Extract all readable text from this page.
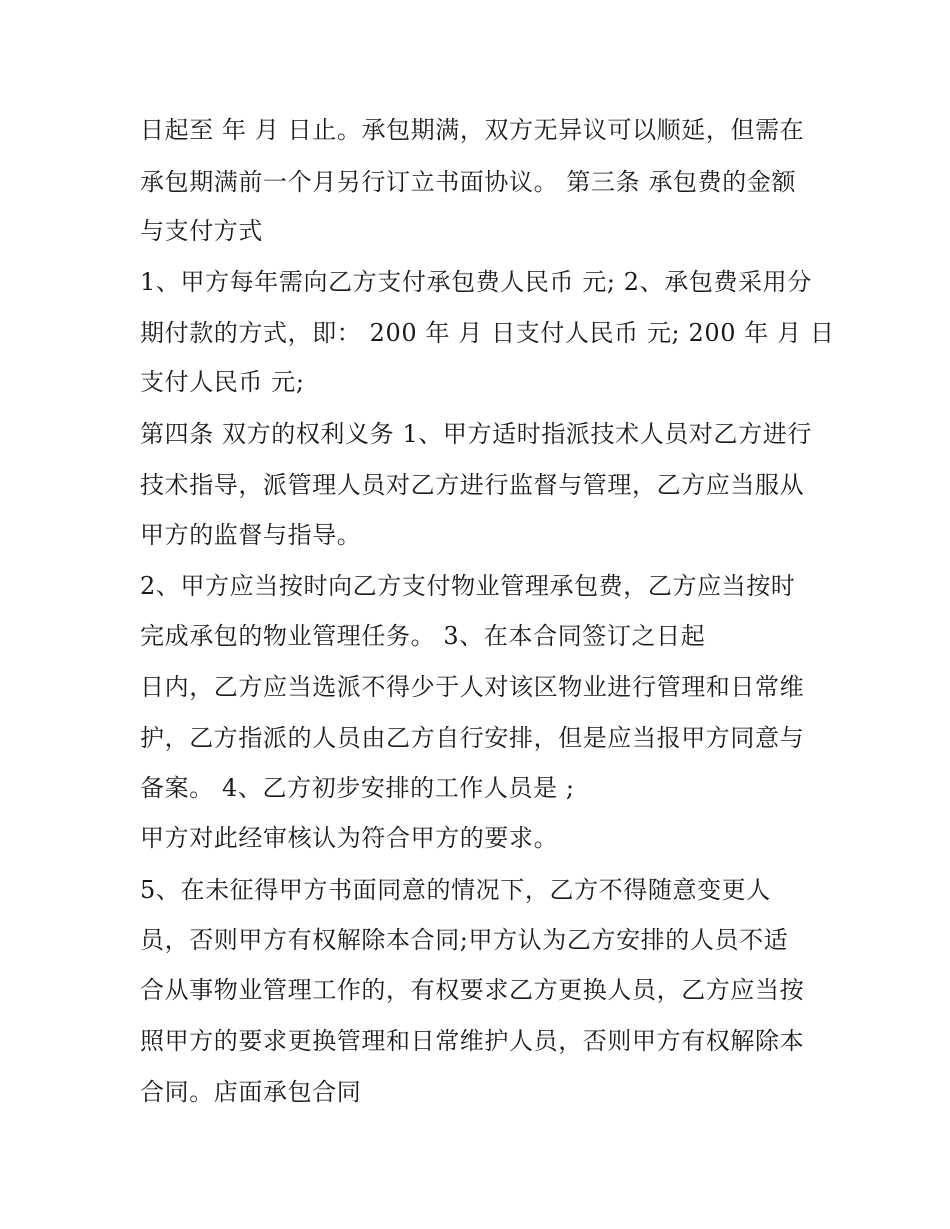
日起至 年 月 日止。承包期满，双方无异议可以顺延，但需在
承包期满前一个月另行订立书面协议。 第三条 承包费的金额
与支付方式
1、甲方每年需向乙方支付承包费人民币 元; 2、承包费采用分
期付款的方式，即： 200 年 月 日支付人民币 元; 200 年 月 日
支付人民币 元;
第四条 双方的权利义务 1、甲方适时指派技术人员对乙方进行
技术指导，派管理人员对乙方进行监督与管理，乙方应当服从
甲方的监督与指导。
2、甲方应当按时向乙方支付物业管理承包费，乙方应当按时
完成承包的物业管理任务。 3、在本合同签订之日起
日内，乙方应当选派不得少于人对该区物业进行管理和日常维
护，乙方指派的人员由乙方自行安排，但是应当报甲方同意与
备案。 4、乙方初步安排的工作人员是 ;
甲方对此经审核认为符合甲方的要求。
5、在未征得甲方书面同意的情况下，乙方不得随意变更人
员，否则甲方有权解除本合同;甲方认为乙方安排的人员不适
合从事物业管理工作的，有权要求乙方更换人员，乙方应当按
照甲方的要求更换管理和日常维护人员，否则甲方有权解除本
合同。店面承包合同
